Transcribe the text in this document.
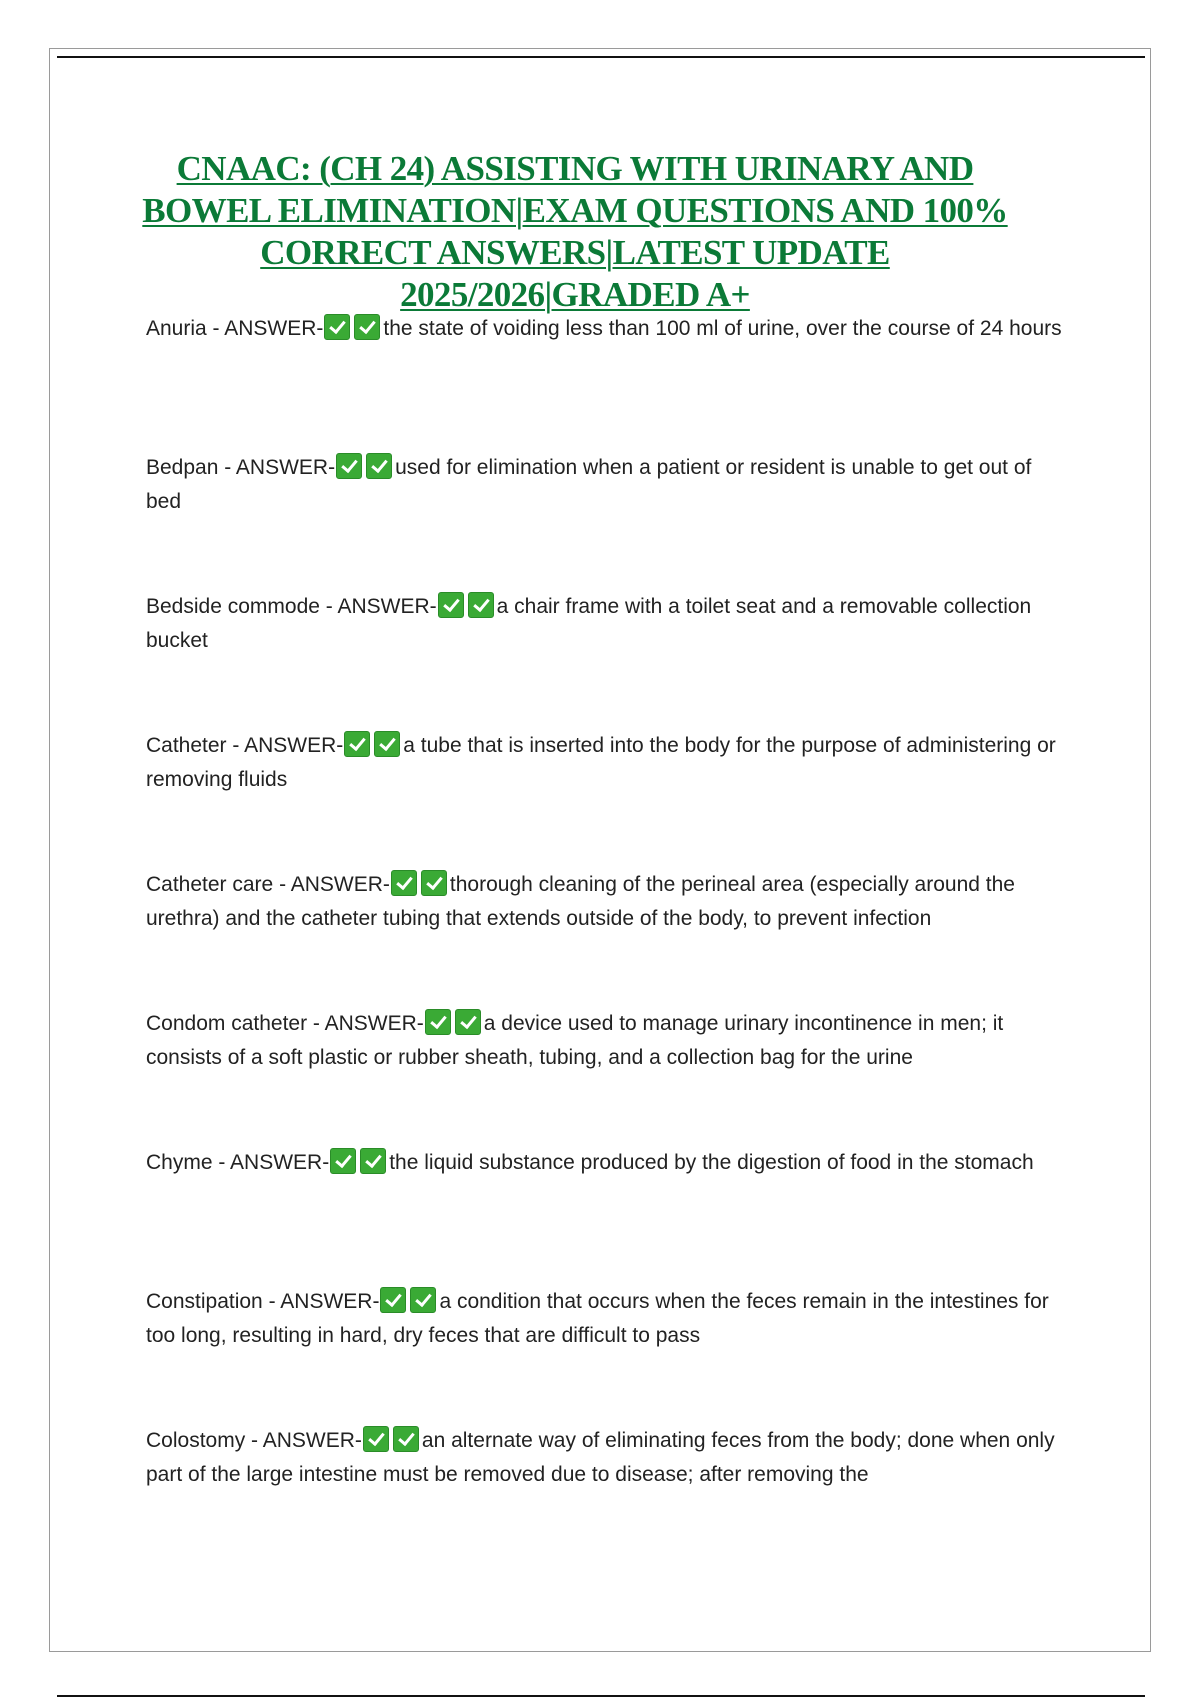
CNAAC: (CH 24) ASSISTING WITH URINARY AND BOWEL ELIMINATION|EXAM QUESTIONS AND 100% CORRECT ANSWERS|LATEST UPDATE 2025/2026|GRADED A+
Anuria - ANSWER-	the state of voiding less than 100 ml of urine, over the course of 24 hours
Bedpan - ANSWER-	used for elimination when a patient or resident is unable to get out of bed
Bedside commode - ANSWER-	a chair frame with a toilet seat and a removable collection bucket
Catheter - ANSWER-	a tube that is inserted into the body for the purpose of administering or removing fluids
Catheter care - ANSWER-	thorough cleaning of the perineal area (especially around the urethra) and the catheter tubing that extends outside of the body, to prevent infection
Condom catheter - ANSWER-	a device used to manage urinary incontinence in men; it consists of a soft plastic or rubber sheath, tubing, and a collection bag for the urine
Chyme - ANSWER-	the liquid substance produced by the digestion of food in the stomach
Constipation - ANSWER-	a condition that occurs when the feces remain in the intestines for too long, resulting in hard, dry feces that are difficult to pass
Colostomy - ANSWER-	an alternate way of eliminating feces from the body; done when only part of the large intestine must be removed due to disease; after removing the
